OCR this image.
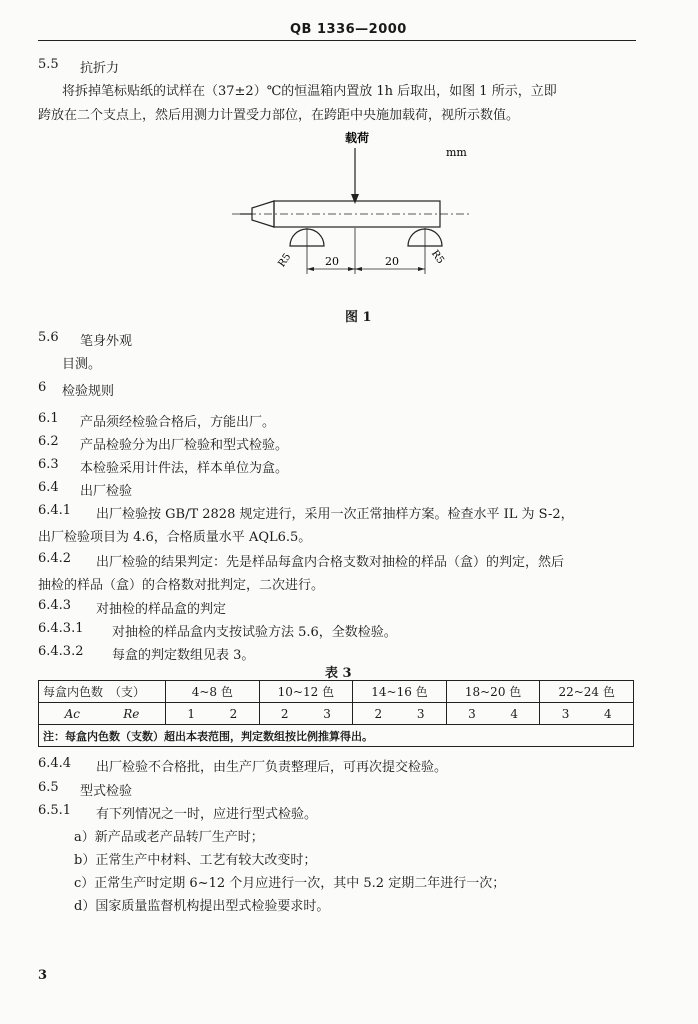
QB 1336—2000
5.5 抗折力
将拆掉笔标贴纸的试样在（37±2）℃的恒温箱内置放 1h 后取出，如图 1 所示，立即
跨放在二个支点上，然后用测力计置受力部位，在跨距中央施加载荷，视所示数值。
载荷
mm
20	20
R5	R5
图 1
5.6 笔身外观
目测。
6 检验规则
6.1 产品须经检验合格后，方能出厂。
6.2 产品检验分为出厂检验和型式检验。
6.3 本检验采用计件法，样本单位为盒。
6.4 出厂检验
6.4.1 出厂检验按 GB/T 2828 规定进行，采用一次正常抽样方案。检查水平 IL 为 S-2，
出厂检验项目为 4.6，合格质量水平 AQL6.5。
6.4.2 出厂检验的结果判定：先是样品每盒内合格支数对抽检的样品（盒）的判定，然后
抽检的样品（盒）的合格数对批判定，二次进行。
6.4.3 对抽检的样品盒的判定
6.4.3.1 对抽检的样品盒内支按试验方法 5.6，全数检验。
6.4.3.2 每盒的判定数组见表 3。
表 3
每盒内色数　（支）	4~8 色	10~12 色	14~16 色	18~20 色	22~24 色

Ac Re	1 2	2 3	2 3	3 4	3 4

注：每盒内色数（支数）超出本表范围，判定数组按比例推算得出。					
6.4.4 出厂检验不合格批，由生产厂负责整理后，可再次提交检验。
6.5 型式检验
6.5.1 有下列情况之一时，应进行型式检验。
a）新产品或老产品转厂生产时；
b）正常生产中材料、工艺有较大改变时；
c）正常生产时定期 6~12 个月应进行一次，其中 5.2 定期二年进行一次；
d）国家质量监督机构提出型式检验要求时。
3
